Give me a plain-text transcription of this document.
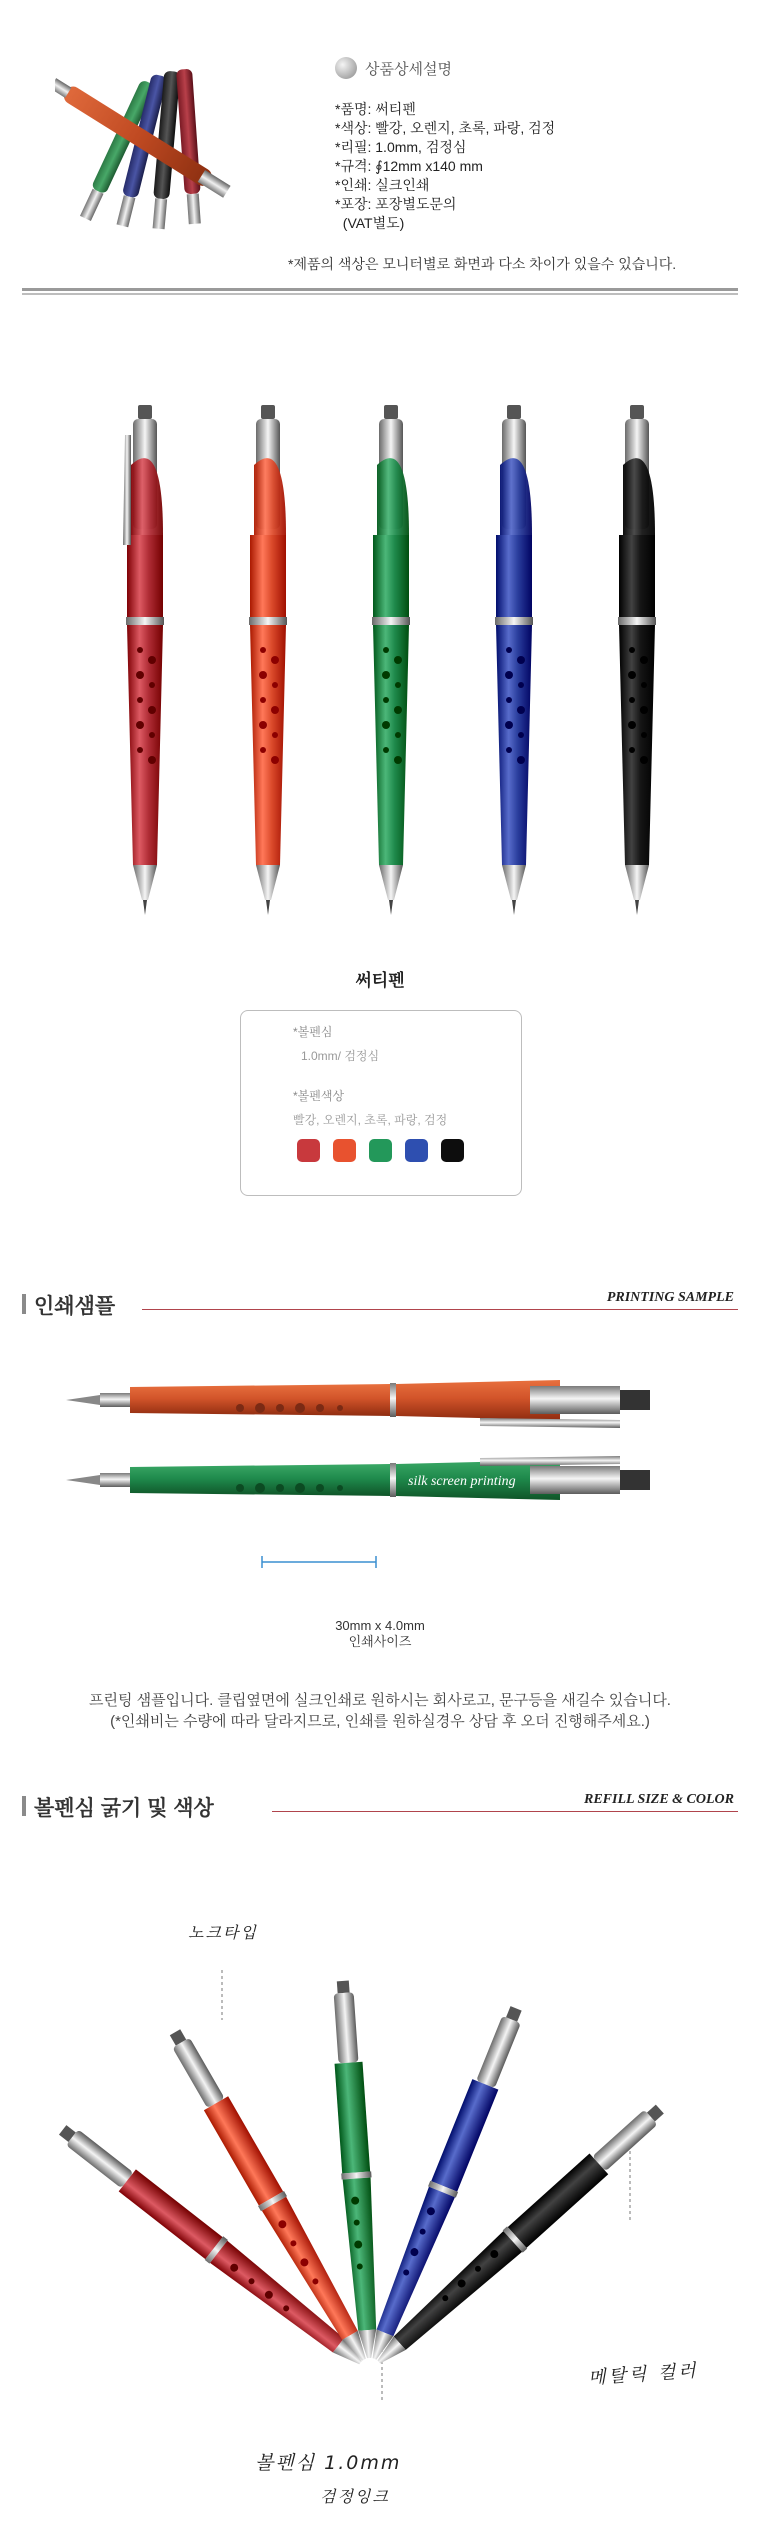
상품상세설명
*품명: 써티펜
*색상: 빨강, 오렌지, 초록, 파랑, 검정
*리필: 1.0mm, 검정심
*규격: ∮12mm x140 mm
*인쇄: 실크인쇄
*포장: 포장별도문의
(VAT별도)
*제품의 색상은 모니터별로 화면과 다소 차이가 있을수 있습니다.
써티펜
*볼펜심
1.0mm/ 검정심
*볼펜색상
빨강, 오렌지, 초록, 파랑, 검정
인쇄샘플	PRINTING SAMPLE
silk screen printing
30mm x 4.0mm
인쇄사이즈
프린팅 샘플입니다. 클립옆면에 실크인쇄로 원하시는 회사로고, 문구등을 새길수 있습니다.
(*인쇄비는 수량에 따라 달라지므로, 인쇄를 원하실경우 상담 후 오더 진행해주세요.)
볼펜심 굵기 및 색상	REFILL SIZE & COLOR
노크타입
메탈릭 컬러
볼펜심 1.0mm
검정잉크
